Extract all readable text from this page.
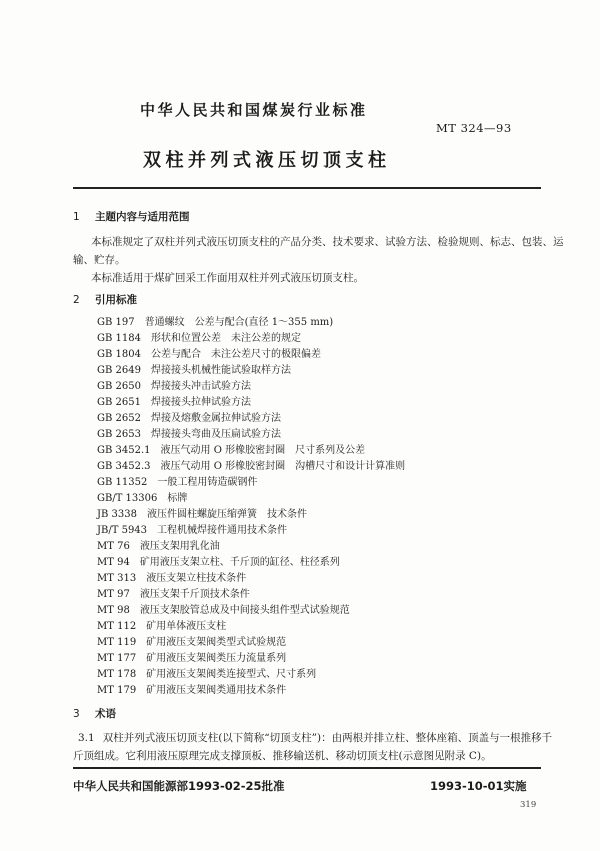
中华人民共和国煤炭行业标准
MT 324—93
双柱并列式液压切顶支柱
1 主题内容与适用范围
本标准规定了双柱并列式液压切顶支柱的产品分类、技术要求、试验方法、检验规则、标志、包装、运
输、贮存。
本标准适用于煤矿回采工作面用双柱并列式液压切顶支柱。
2 引用标准
GB 197 普通螺纹　公差与配合(直径 1～355 mm)
GB 1184 形状和位置公差　未注公差的规定
GB 1804 公差与配合　未注公差尺寸的极限偏差
GB 2649 焊接接头机械性能试验取样方法
GB 2650 焊接接头冲击试验方法
GB 2651 焊接接头拉伸试验方法
GB 2652 焊接及熔敷金属拉伸试验方法
GB 2653 焊接接头弯曲及压扁试验方法
GB 3452.1 液压气动用 O 形橡胶密封圈　尺寸系列及公差
GB 3452.3 液压气动用 O 形橡胶密封圈　沟槽尺寸和设计计算准则
GB 11352 一般工程用铸造碳钢件
GB/T 13306 标牌
JB 3338 液压件圆柱螺旋压缩弹簧　技术条件
JB/T 5943 工程机械焊接件通用技术条件
MT 76 液压支架用乳化油
MT 94 矿用液压支架立柱、千斤顶的缸径、柱径系列
MT 313 液压支架立柱技术条件
MT 97 液压支架千斤顶技术条件
MT 98 液压支架胶管总成及中间接头组件型式试验规范
MT 112 矿用单体液压支柱
MT 119 矿用液压支架阀类型式试验规范
MT 177 矿用液压支架阀类压力流量系列
MT 178 矿用液压支架阀类连接型式、尺寸系列
MT 179 矿用液压支架阀类通用技术条件
3 术语
3.1 双柱并列式液压切顶支柱(以下简称“切顶支柱”)：由两根并排立柱、整体座箱、顶盖与一根推移千
斤顶组成。它利用液压原理完成支撑顶板、推移输送机、移动切顶支柱(示意图见附录 C)。
中华人民共和国能源部1993-02-25批准	1993-10-01实施
319
